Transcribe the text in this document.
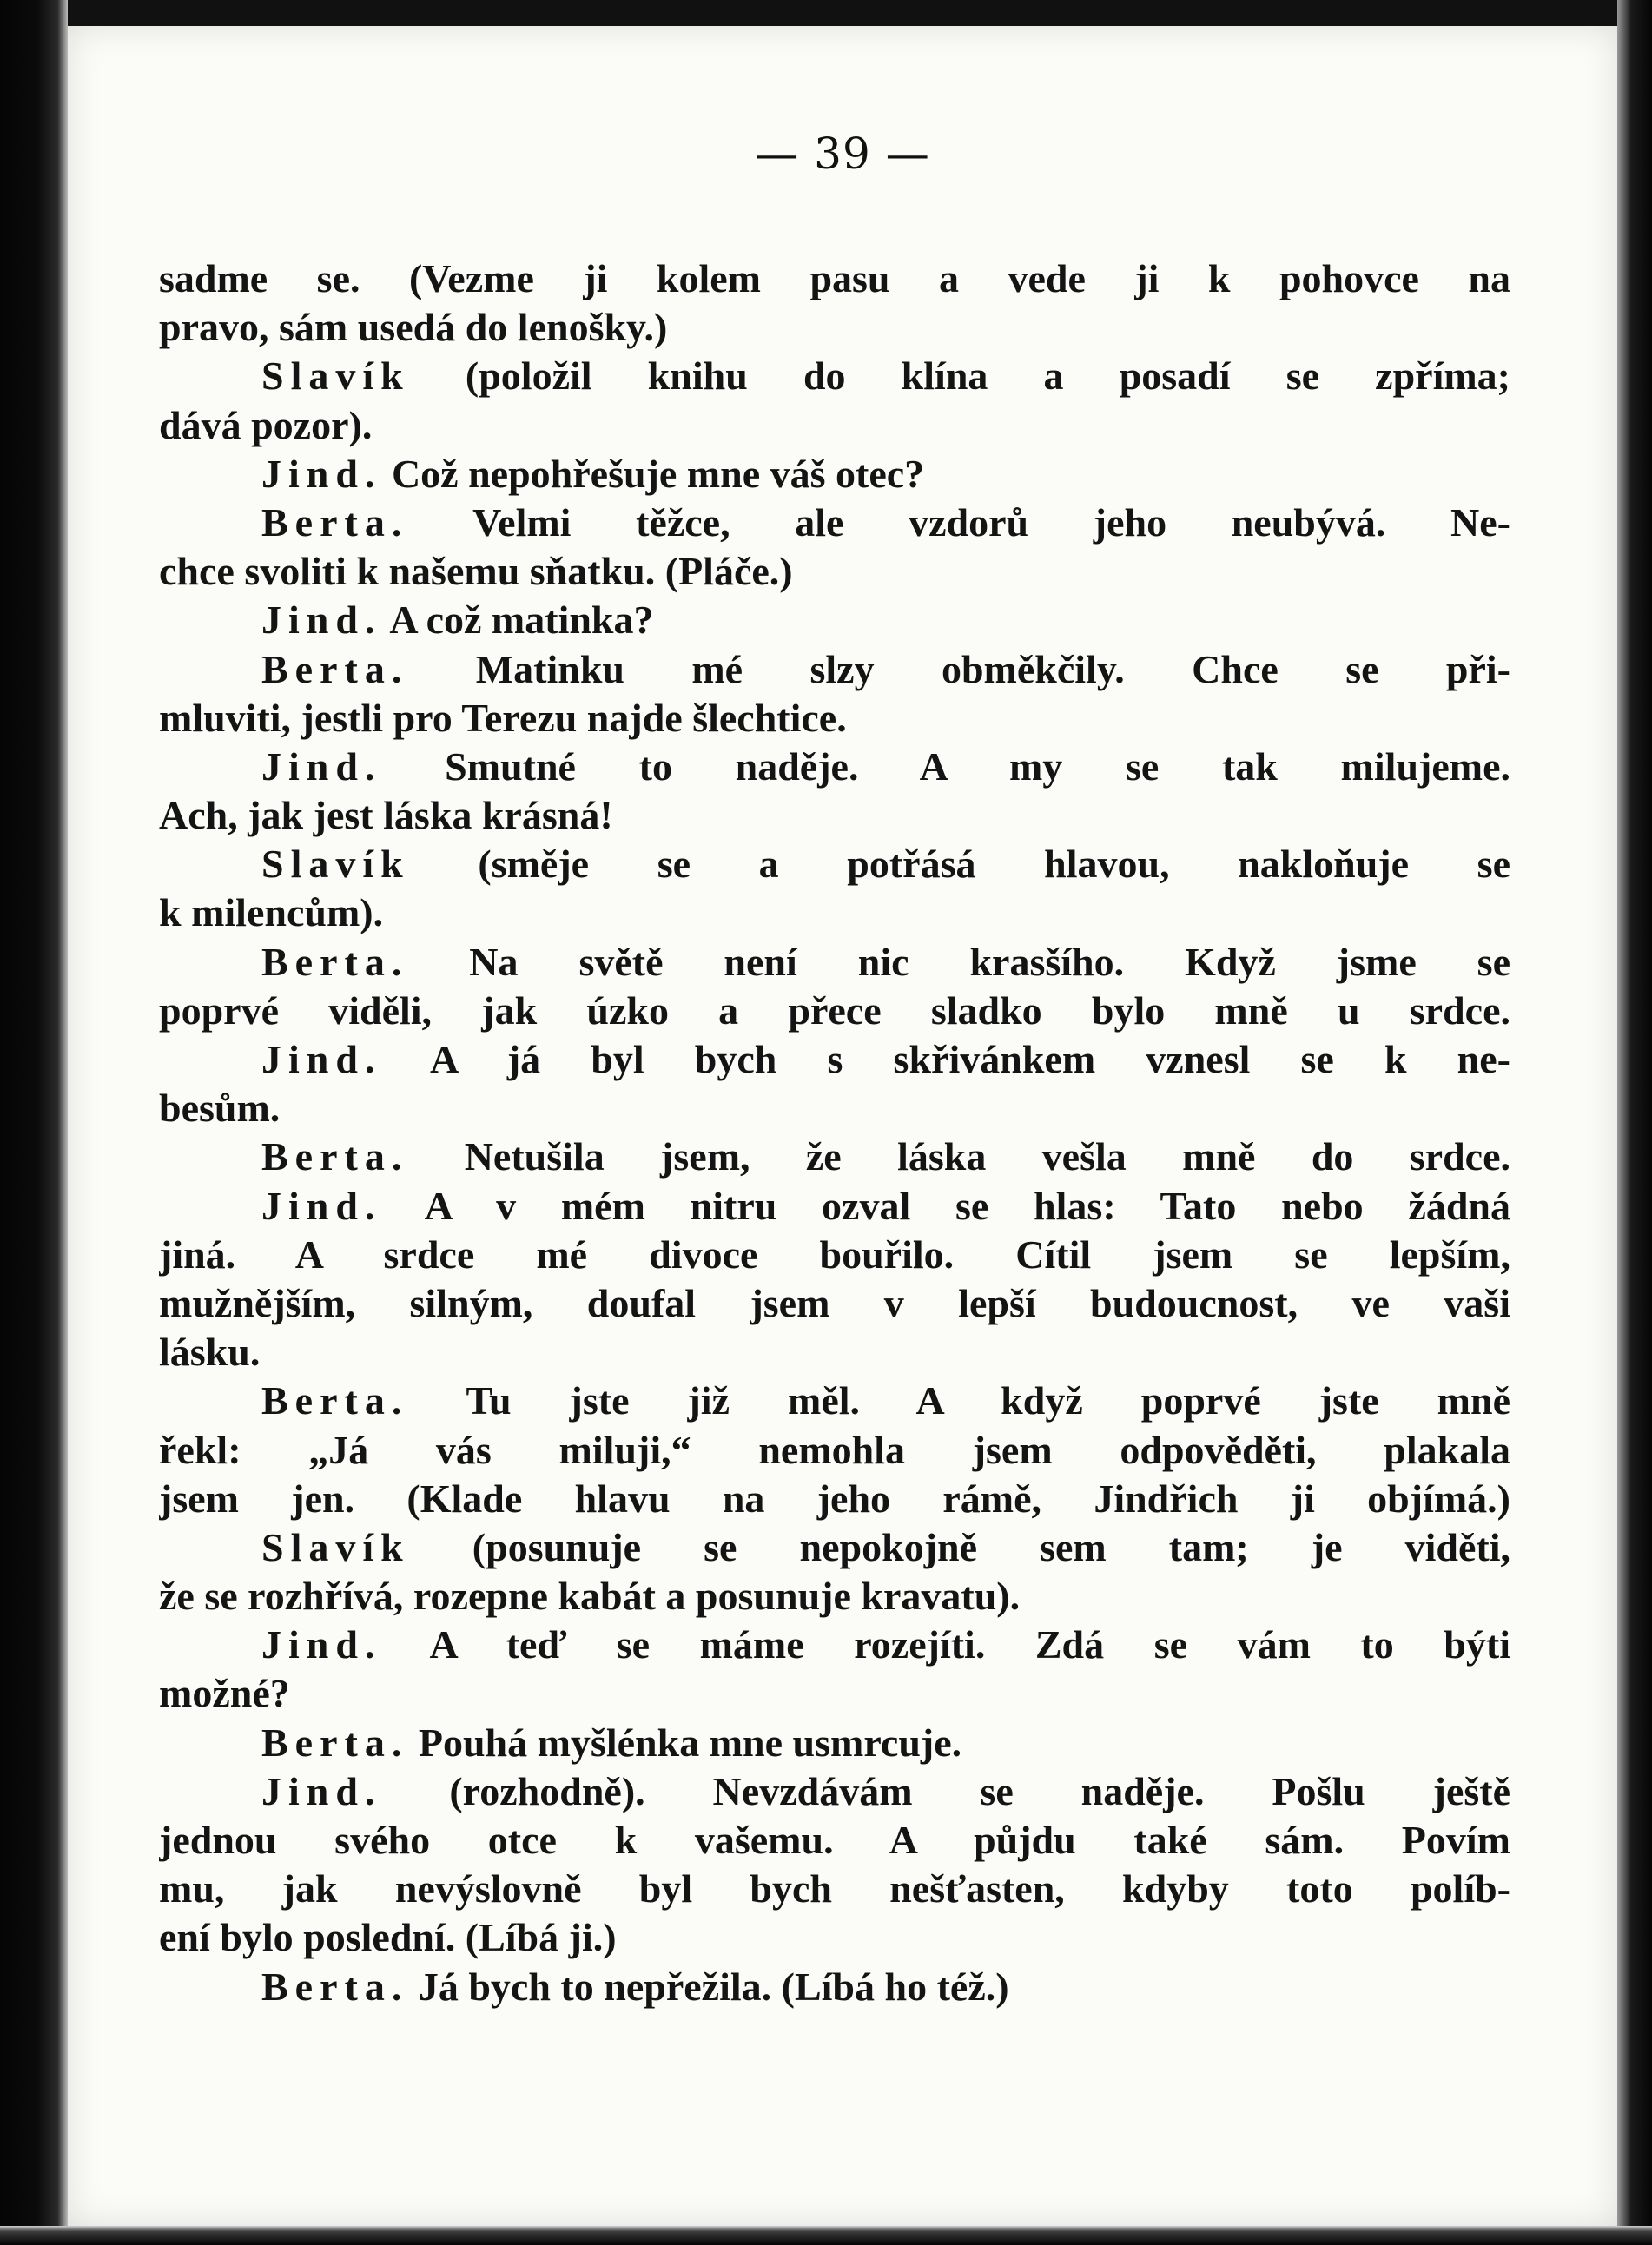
— 39 —
sadme se. (Vezme ji kolem pasu a vede ji k pohovce na
pravo, sám usedá do lenošky.)
Slavík (položil knihu do klína a posadí se zpříma;
dává pozor).
Jind. Což nepohřešuje mne váš otec?
Berta. Velmi těžce, ale vzdorů jeho neubývá. Ne-
chce svoliti k našemu sňatku. (Pláče.)
Jind. A což matinka?
Berta. Matinku mé slzy obměkčily. Chce se při-
mluviti, jestli pro Terezu najde šlechtice.
Jind. Smutné to naděje. A my se tak milujeme.
Ach, jak jest láska krásná!
Slavík (směje se a potřásá hlavou, nakloňuje se
k milencům).
Berta. Na světě není nic krasšího. Když jsme se
poprvé viděli, jak úzko a přece sladko bylo mně u srdce.
Jind. A já byl bych s skřivánkem vznesl se k ne-
besům.
Berta. Netušila jsem, že láska vešla mně do srdce.
Jind. A v mém nitru ozval se hlas: Tato nebo žádná
jiná. A srdce mé divoce bouřilo. Cítil jsem se lepším,
mužnějším, silným, doufal jsem v lepší budoucnost, ve vaši
lásku.
Berta. Tu jste již měl. A když poprvé jste mně
řekl: „Já vás miluji,“ nemohla jsem odpověděti, plakala
jsem jen. (Klade hlavu na jeho rámě, Jindřich ji objímá.)
Slavík (posunuje se nepokojně sem tam; je viděti,
že se rozhřívá, rozepne kabát a posunuje kravatu).
Jind. A teď se máme rozejíti. Zdá se vám to býti
možné?
Berta. Pouhá myšlénka mne usmrcuje.
Jind. (rozhodně). Nevzdávám se naděje. Pošlu ještě
jednou svého otce k vašemu. A půjdu také sám. Povím
mu, jak nevýslovně byl bych nešťasten, kdyby toto políb-
ení bylo poslední. (Líbá ji.)
Berta. Já bych to nepřežila. (Líbá ho též.)
